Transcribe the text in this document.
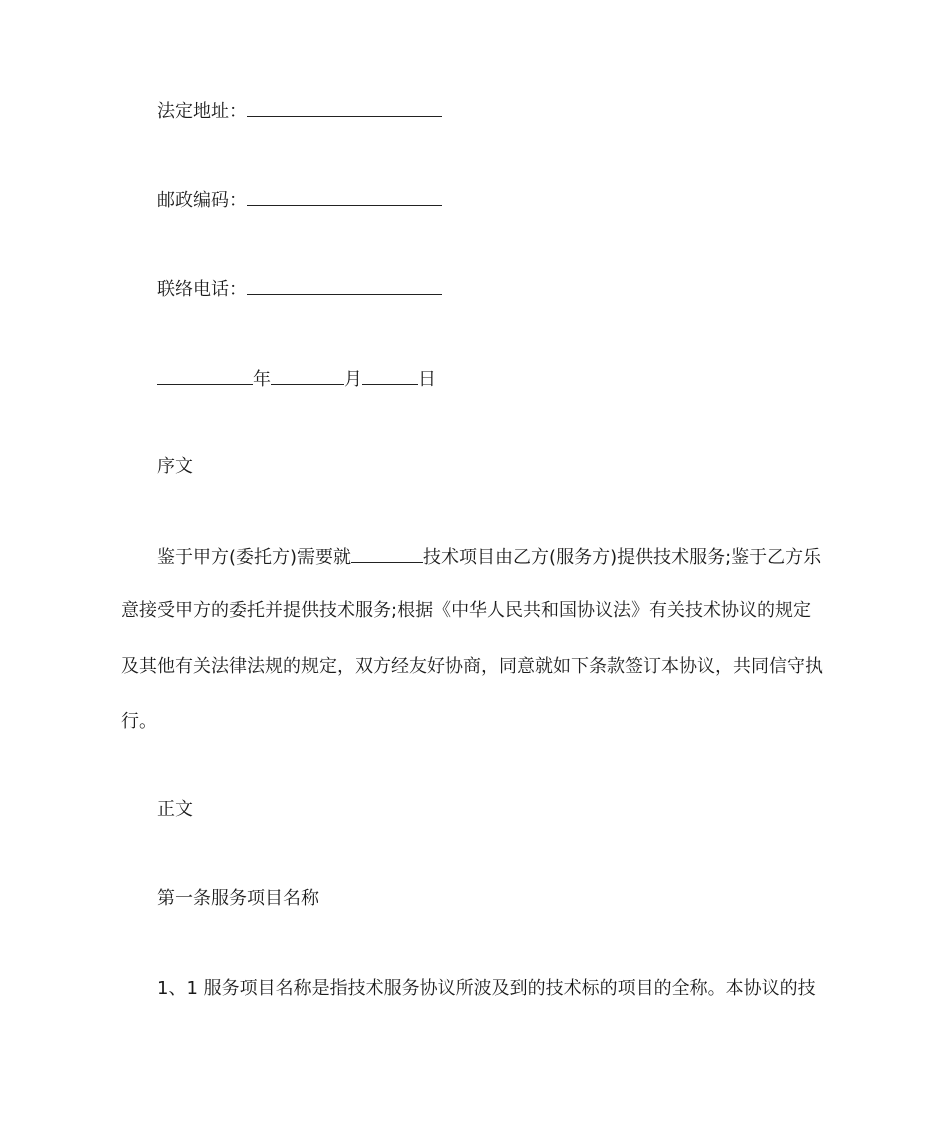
法定地址：
邮政编码：
联络电话：
年	月	日
序文
鉴于甲方(委托方)需要就	技术项目由乙方(服务方)提供技术服务;鉴于乙方乐
意接受甲方的委托并提供技术服务;根据《中华人民共和国协议法》有关技术协议的规定
及其他有关法律法规的规定，双方经友好协商，同意就如下条款签订本协议，共同信守执
行。
正文
第一条服务项目名称
1、1 服务项目名称是指技术服务协议所波及到的技术标的项目的全称。本协议的技
